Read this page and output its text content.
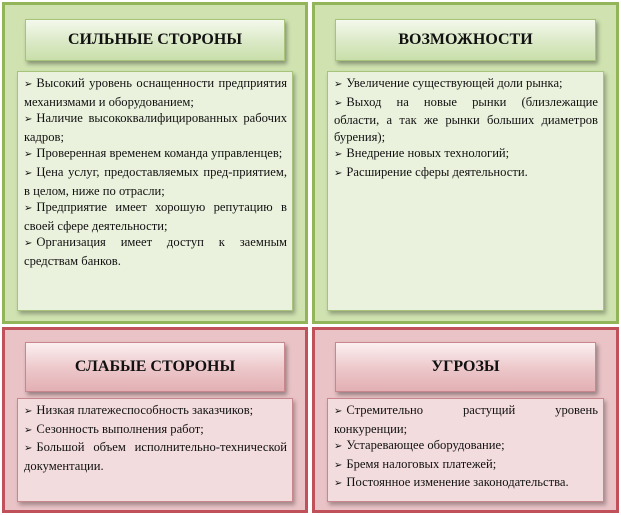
СИЛЬНЫЕ СТОРОНЫ
➢ Высокий уровень оснащенности предприятия механизмами и оборудованием;
➢ Наличие высококвалифицированных рабочих кадров;
➢ Проверенная временем команда управленцев;
➢ Цена услуг, предоставляемых пред-приятием, в целом, ниже по отрасли;
➢ Предприятие имеет хорошую репутацию в своей сфере деятельности;
➢ Организация имеет доступ к заемным средствам банков.
ВОЗМОЖНОСТИ
➢ Увеличение существующей доли рынка;
➢ Выход на новые рынки (близлежащие области, а так же рынки больших диаметров бурения);
➢ Внедрение новых технологий;
➢ Расширение сферы деятельности.
СЛАБЫЕ СТОРОНЫ
➢ Низкая платежеспособность заказчиков;
➢ Сезонность выполнения работ;
➢ Большой объем исполнительно-технической документации.
УГРОЗЫ
➢ Стремительно растущий уровень конкуренции;
➢ Устаревающее оборудование;
➢ Бремя налоговых платежей;
➢ Постоянное изменение законодательства.
